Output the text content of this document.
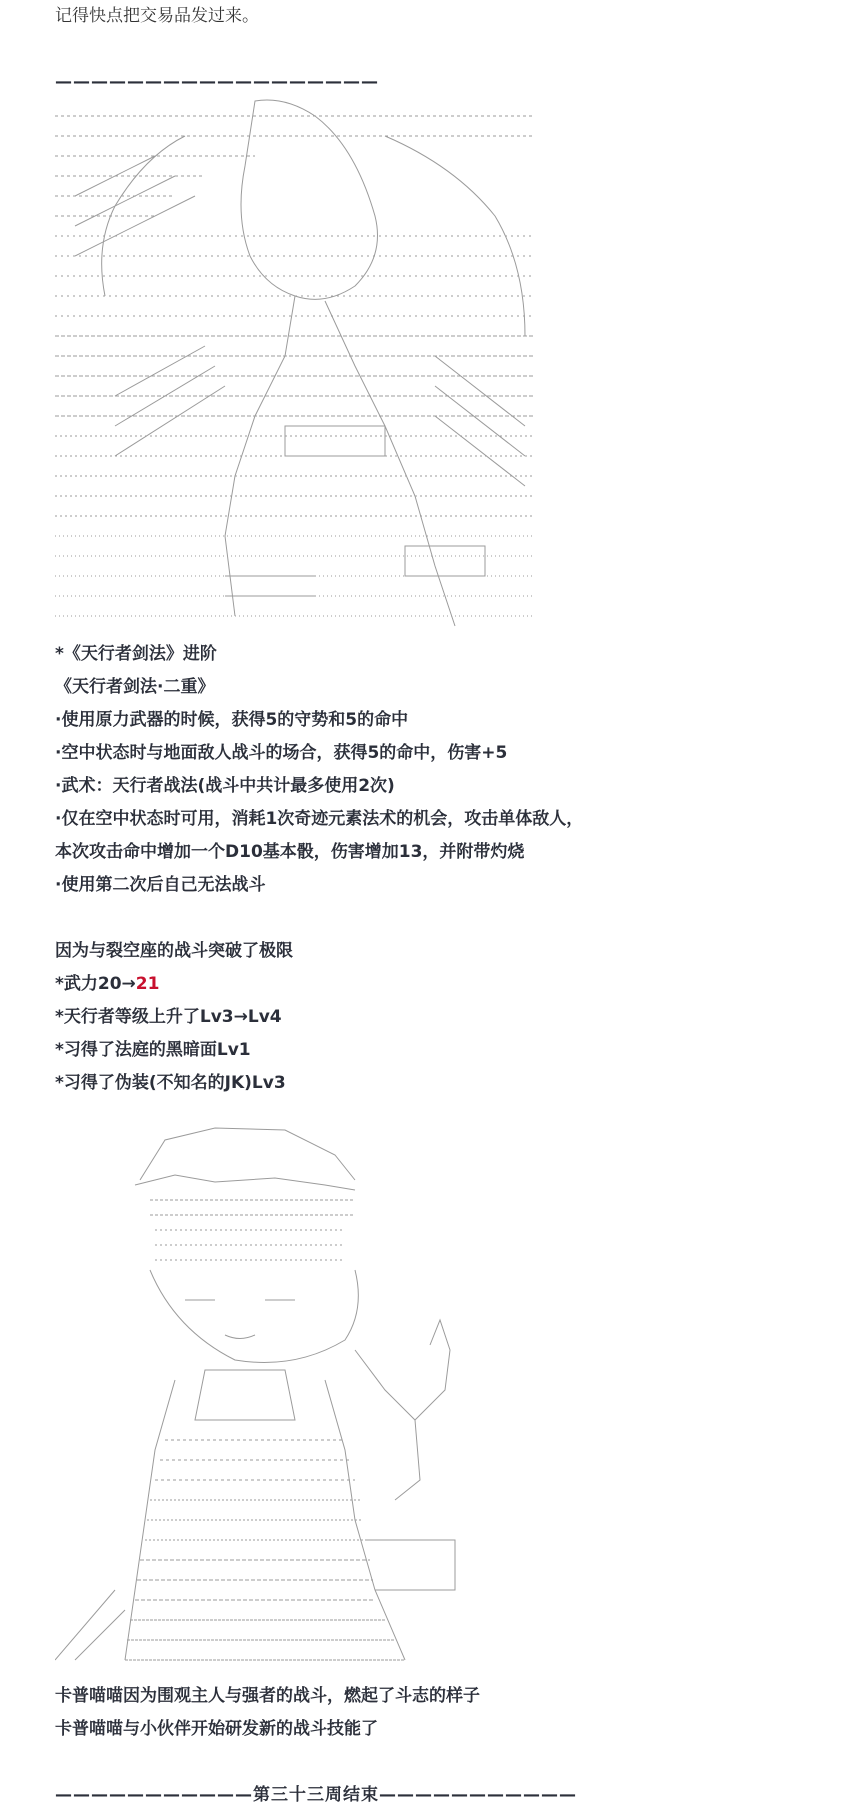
记得快点把交易品发过来。
——————————————————
*《天行者剑法》进阶
《天行者剑法·二重》
·使用原力武器的时候，获得5的守势和5的命中
·空中状态时与地面敌人战斗的场合，获得5的命中，伤害+5
·武术：天行者战法(战斗中共计最多使用2次)
·仅在空中状态时可用，消耗1次奇迹元素法术的机会，攻击单体敌人，
本次攻击命中增加一个D10基本骰，伤害增加13，并附带灼烧
·使用第二次后自己无法战斗
因为与裂空座的战斗突破了极限
*武力20→21
*天行者等级上升了Lv3→Lv4
*习得了法庭的黑暗面Lv1
*习得了伪装(不知名的JK)Lv3
卡普喵喵因为围观主人与强者的战斗，燃起了斗志的样子
卡普喵喵与小伙伴开始研发新的战斗技能了
———————————第三十三周结束———————————
